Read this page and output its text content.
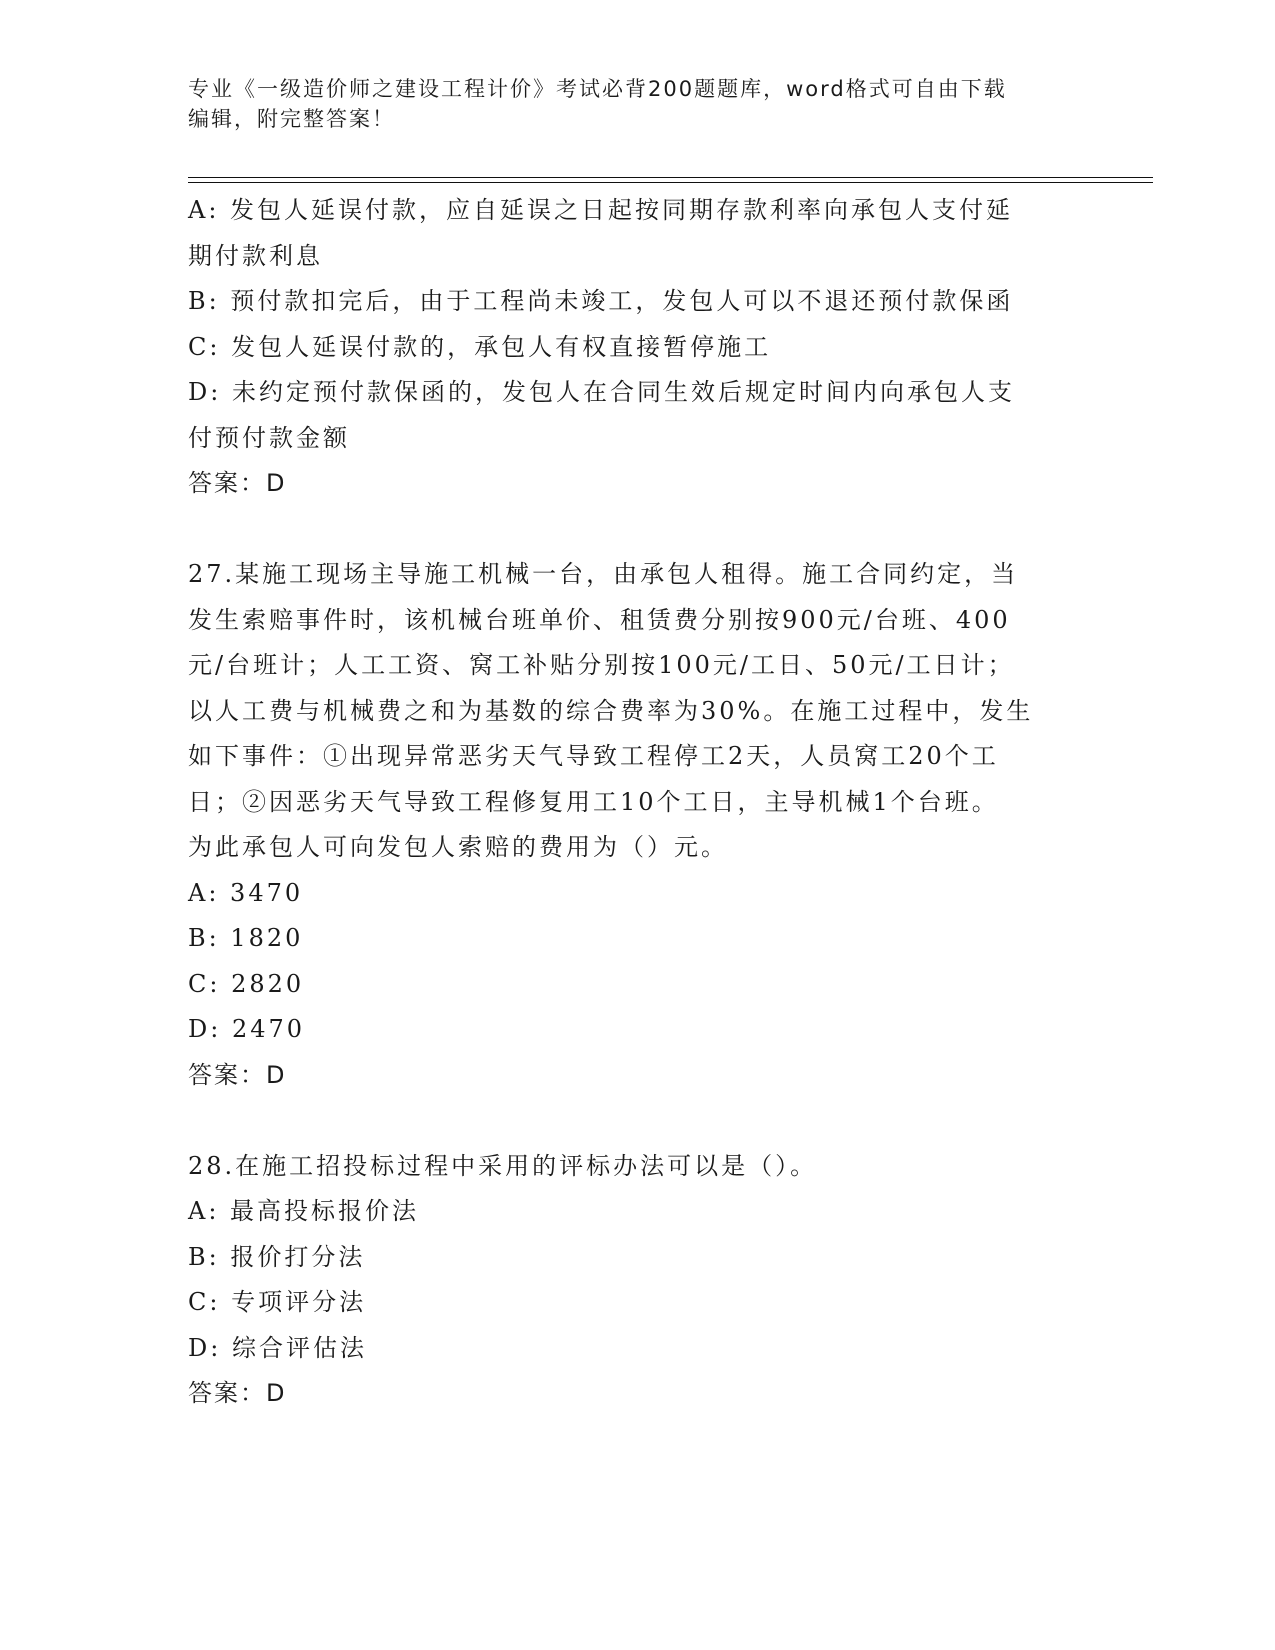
专业《一级造价师之建设工程计价》考试必背200题题库，word格式可自由下载
编辑，附完整答案！
A: 发包人延误付款，应自延误之日起按同期存款利率向承包人支付延
期付款利息
B: 预付款扣完后，由于工程尚未竣工，发包人可以不退还预付款保函
C: 发包人延误付款的，承包人有权直接暂停施工
D: 未约定预付款保函的，发包人在合同生效后规定时间内向承包人支
付预付款金额
答案：D
27.某施工现场主导施工机械一台，由承包人租得。施工合同约定，当
发生索赔事件时，该机械台班单价、租赁费分别按900元/台班、400
元/台班计；人工工资、窝工补贴分别按100元/工日、50元/工日计；
以人工费与机械费之和为基数的综合费率为30%。在施工过程中，发生
如下事件：①出现异常恶劣天气导致工程停工2天，人员窝工20个工
日；②因恶劣天气导致工程修复用工10个工日，主导机械1个台班。
为此承包人可向发包人索赔的费用为（）元。
A: 3470
B: 1820
C: 2820
D: 2470
答案：D
28.在施工招投标过程中采用的评标办法可以是（）。
A: 最高投标报价法
B: 报价打分法
C: 专项评分法
D: 综合评估法
答案：D
